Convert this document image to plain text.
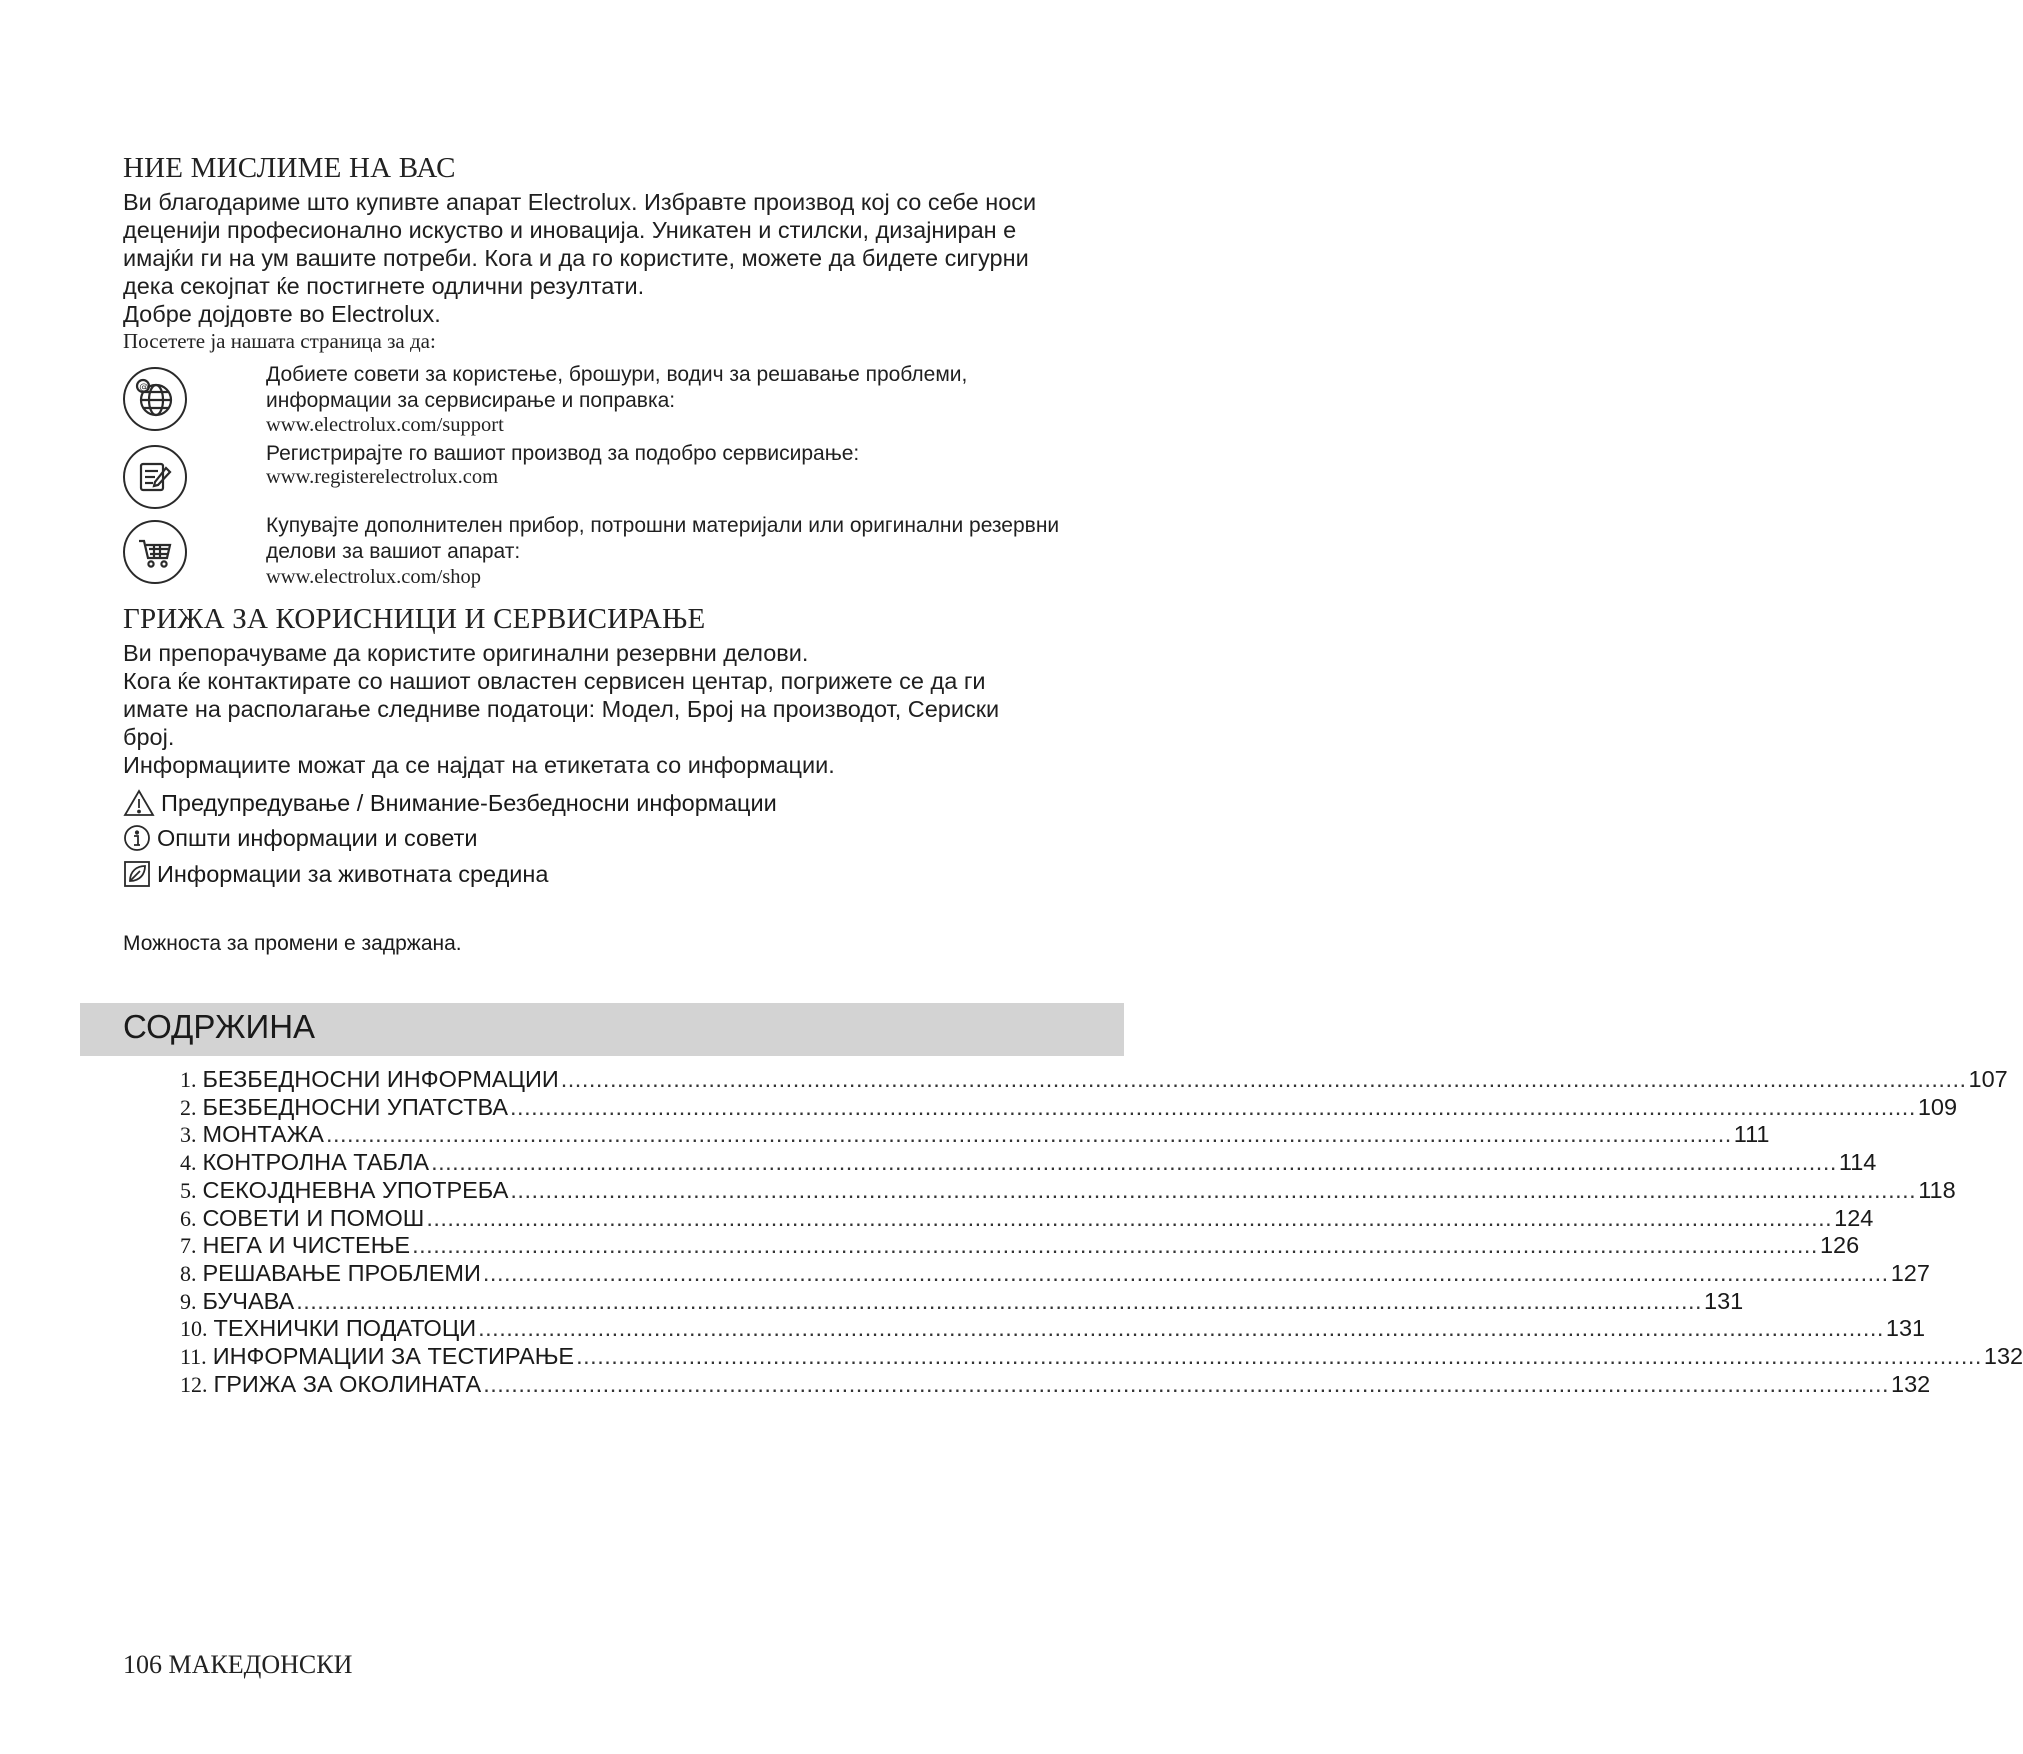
НИЕ МИСЛИМЕ НА ВАС
Ви благодариме што купивте апарат Electrolux. Избравте производ кој со себе носи
деценији професионално искуство и иновација. Уникатен и стилски, дизајниран е
имајќи ги на ум вашите потреби. Кога и да го користите, можете да бидете сигурни
дека секојпат ќе постигнете одлични резултати.
Добре дојдовте во Electrolux.
Посетете ја нашата страница за да:
@
Добиете совети за користење, брошури, водич за решавање проблеми,
информации за сервисирање и поправка:
www.electrolux.com/support
Регистрирајте го вашиот производ за подобро сервисирање:
www.registerelectrolux.com
Купувајте дополнителен прибор, потрошни материјали или оригинални резервни
делови за вашиот апарат:
www.electrolux.com/shop
ГРИЖА ЗА КОРИСНИЦИ И СЕРВИСИРАЊЕ
Ви препорачуваме да користите оригинални резервни делови.
Кога ќе контактирате со нашиот овластен сервисен центар, погрижете се да ги
имате на располагање следниве податоци: Модел, Број на производот, Сериски
број.
Информациите можат да се најдат на етикетата со информации.
Предупредување / Внимание-Безбедносни информации
Општи информации и совети
Информации за животната средина
Можноста за промени е задржана.
СОДРЖИНА
1. БЕЗБЕДНОСНИ ИНФОРМАЦИИ ........................................................................................................................................................................................................ 107
2. БЕЗБЕДНОСНИ УПАТСТВА ........................................................................................................................................................................................................ 109
3. МОНТАЖА ........................................................................................................................................................................................................ 111
4. КОНТРОЛНА ТАБЛА ........................................................................................................................................................................................................ 114
5. СЕКОЈДНЕВНА УПОТРЕБА ........................................................................................................................................................................................................ 118
6. СОВЕТИ И ПОМОШ ........................................................................................................................................................................................................ 124
7. НЕГА И ЧИСТЕЊЕ ........................................................................................................................................................................................................ 126
8. РЕШАВАЊЕ ПРОБЛЕМИ ........................................................................................................................................................................................................ 127
9. БУЧАВА ........................................................................................................................................................................................................ 131
10. ТЕХНИЧКИ ПОДАТОЦИ ........................................................................................................................................................................................................ 131
11. ИНФОРМАЦИИ ЗА ТЕСТИРАЊЕ ........................................................................................................................................................................................................ 132
12. ГРИЖА ЗА ОКОЛИНАТА ........................................................................................................................................................................................................ 132
106 МАКЕДОНСКИ
